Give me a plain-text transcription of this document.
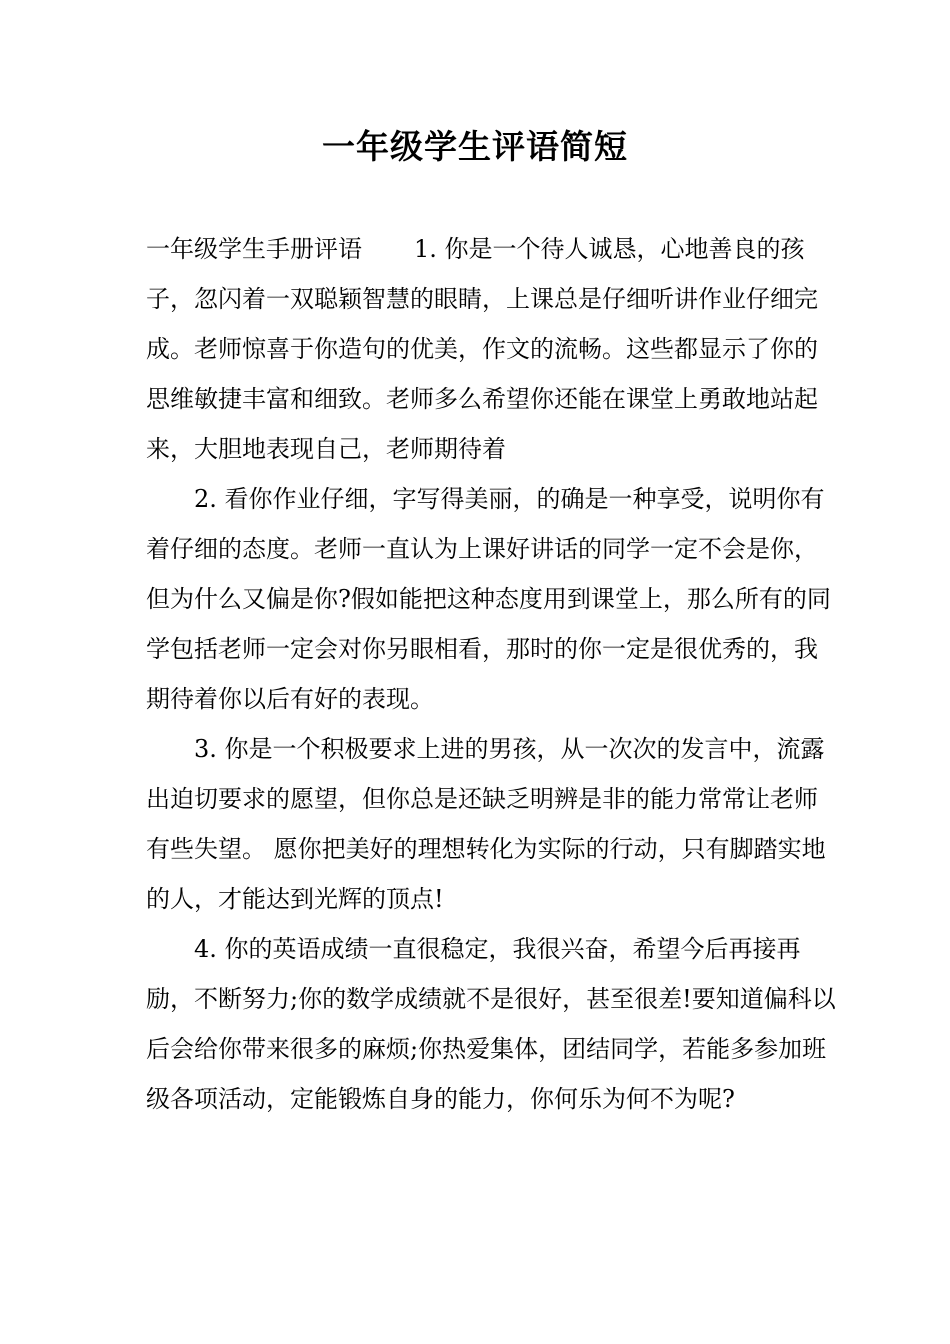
一年级学生评语简短

一年级学生手册评语 1. 你是一个待人诚恳，心地善良的孩子，忽闪着一双聪颖智慧的眼睛，上课总是仔细听讲作业仔细完成。老师惊喜于你造句的优美，作文的流畅。这些都显示了你的思维敏捷丰富和细致。老师多么希望你还能在课堂上勇敢地站起来，大胆地表现自己，老师期待着

2. 看你作业仔细，字写得美丽，的确是一种享受，说明你有着仔细的态度。老师一直认为上课好讲话的同学一定不会是你，但为什么又偏是你?假如能把这种态度用到课堂上，那么所有的同学包括老师一定会对你另眼相看，那时的你一定是很优秀的，我期待着你以后有好的表现。

3. 你是一个积极要求上进的男孩，从一次次的发言中，流露出迫切要求的愿望，但你总是还缺乏明辨是非的能力常常让老师有些失望。 愿你把美好的理想转化为实际的行动，只有脚踏实地的人，才能达到光辉的顶点!

4. 你的英语成绩一直很稳定，我很兴奋，希望今后再接再励，不断努力;你的数学成绩就不是很好，甚至很差!要知道偏科以后会给你带来很多的麻烦;你热爱集体，团结同学，若能多参加班级各项活动，定能锻炼自身的能力，你何乐为何不为呢?
